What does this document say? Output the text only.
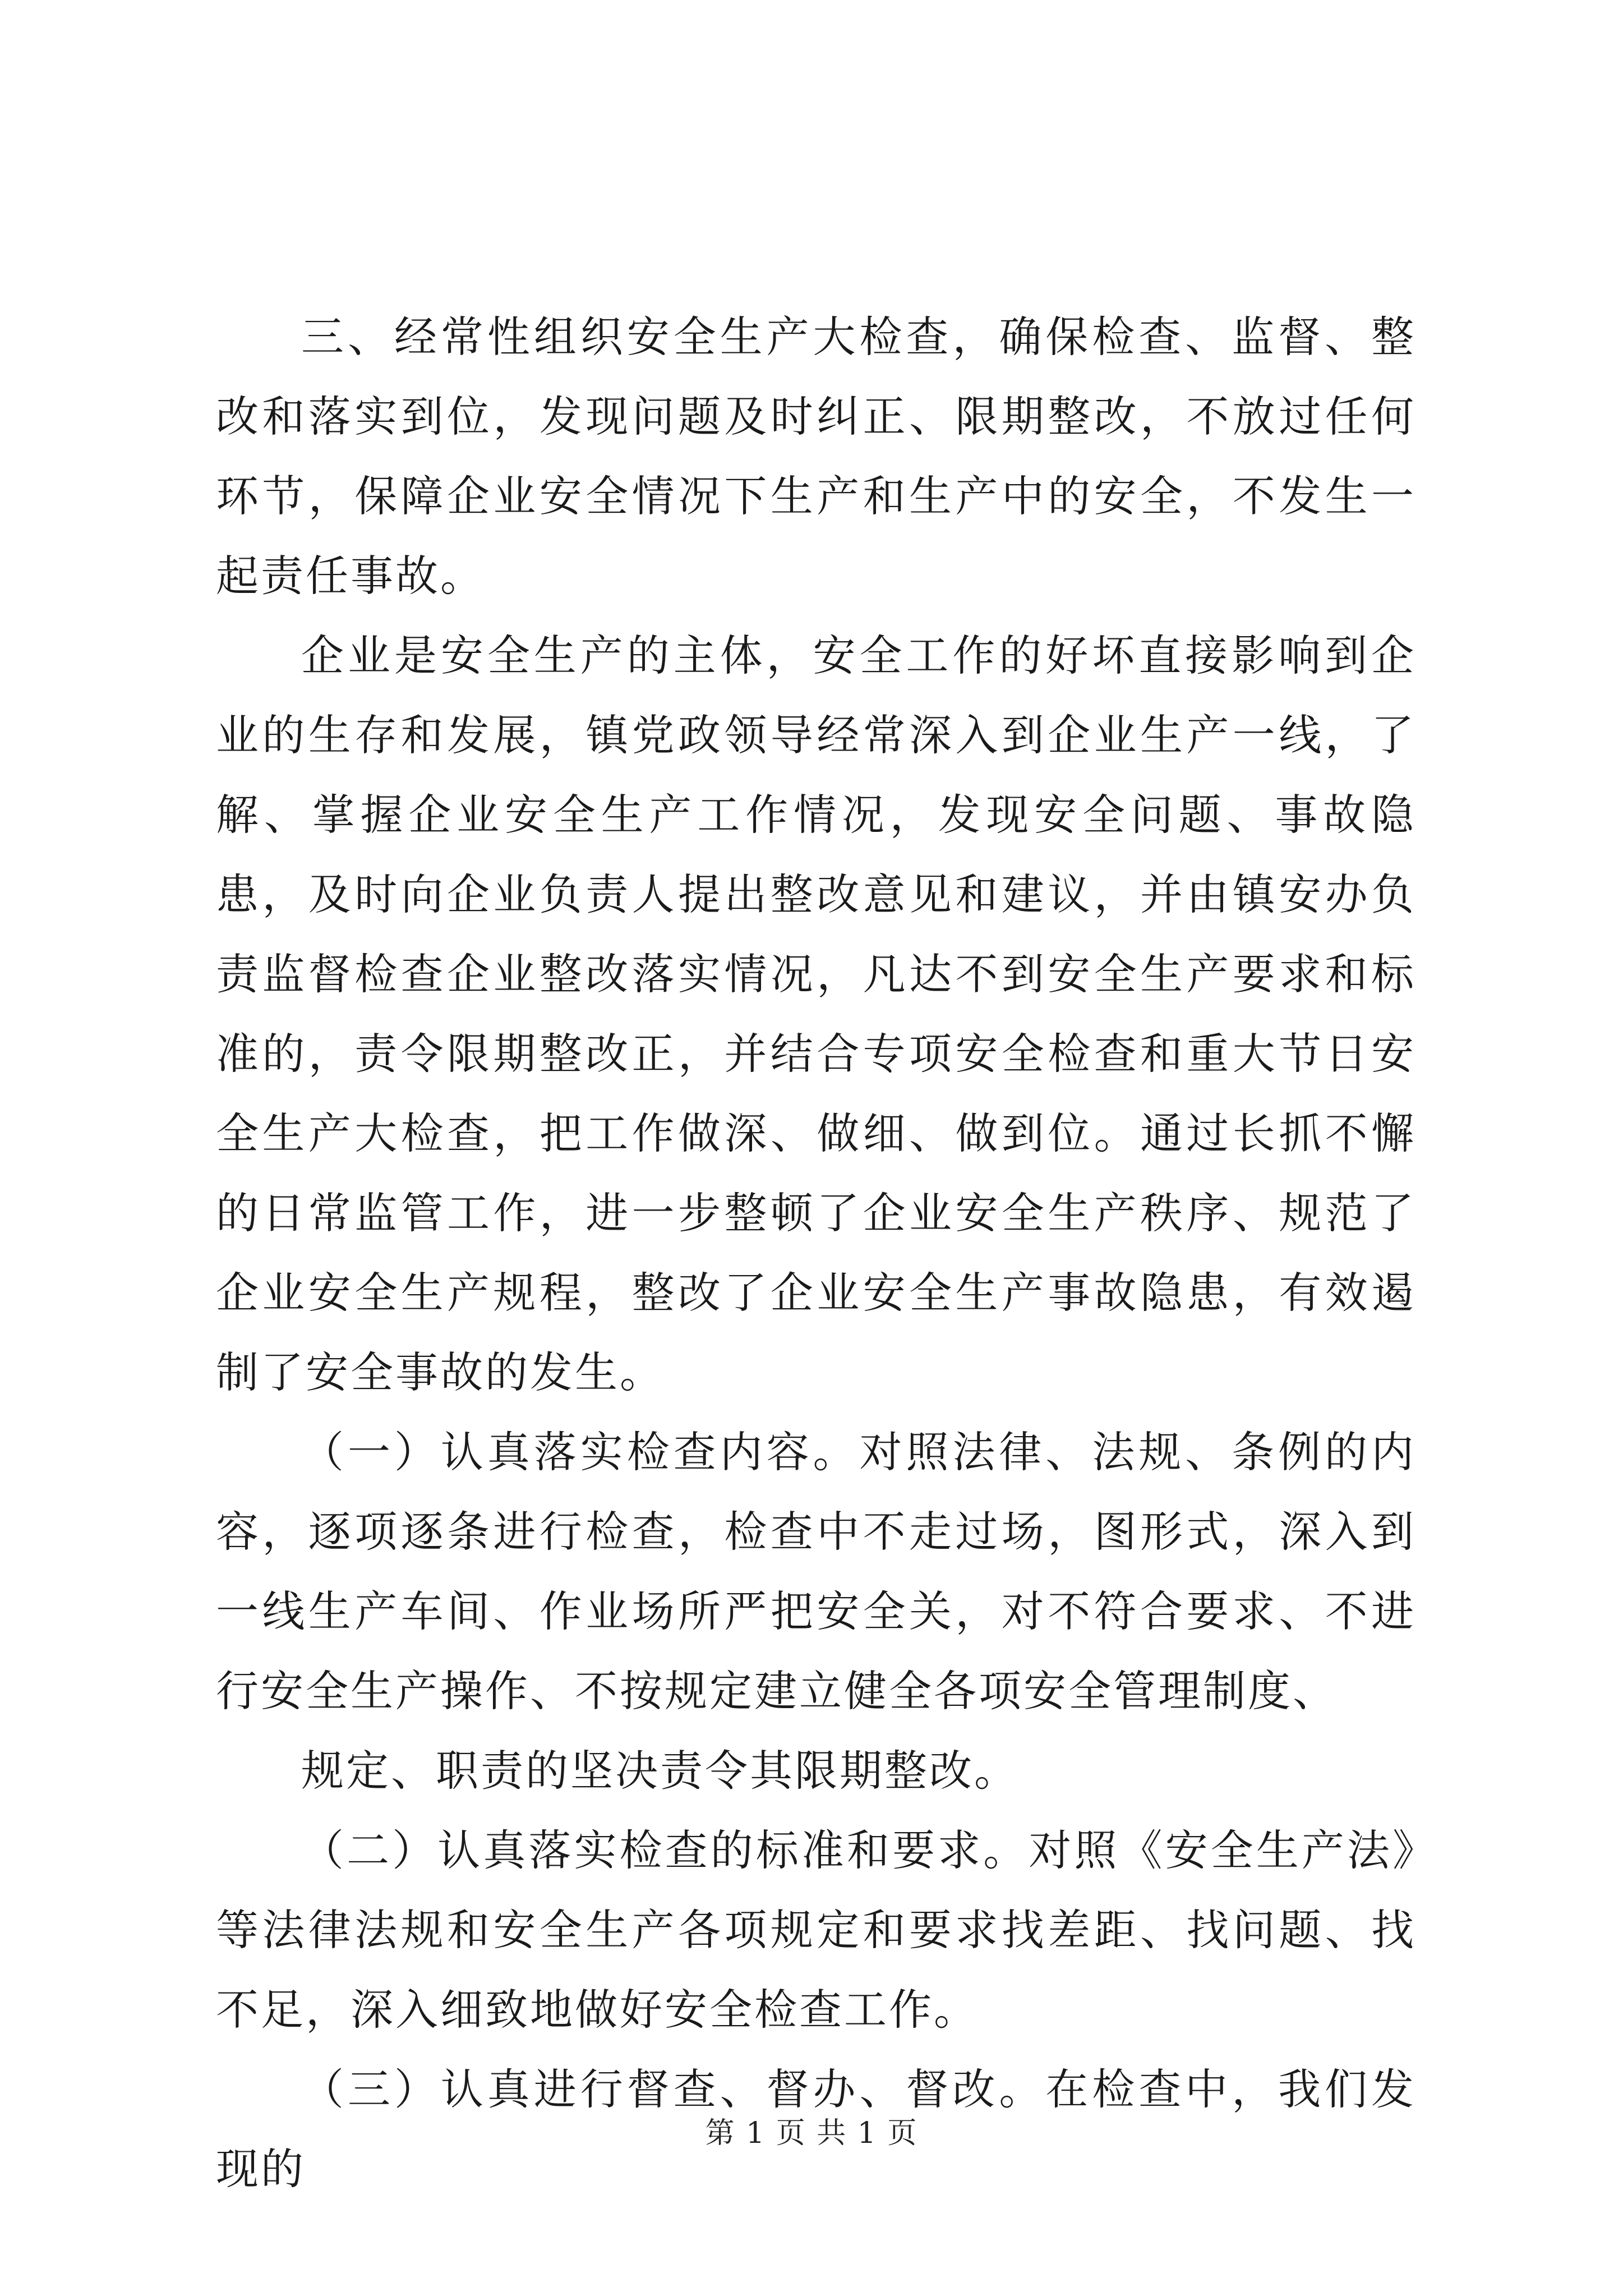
三、经常性组织安全生产大检查，确保检查、监督、整改和落实到位，发现问题及时纠正、限期整改，不放过任何环节，保障企业安全情况下生产和生产中的安全，不发生一起责任事故。

企业是安全生产的主体，安全工作的好坏直接影响到企业的生存和发展，镇党政领导经常深入到企业生产一线，了解、掌握企业安全生产工作情况，发现安全问题、事故隐患，及时向企业负责人提出整改意见和建议，并由镇安办负责监督检查企业整改落实情况，凡达不到安全生产要求和标准的，责令限期整改正，并结合专项安全检查和重大节日安全生产大检查，把工作做深、做细、做到位。通过长抓不懈的日常监管工作，进一步整顿了企业安全生产秩序、规范了企业安全生产规程，整改了企业安全生产事故隐患，有效遏制了安全事故的发生。

（一）认真落实检查内容。对照法律、法规、条例的内容，逐项逐条进行检查，检查中不走过场，图形式，深入到一线生产车间、作业场所严把安全关，对不符合要求、不进行安全生产操作、不按规定建立健全各项安全管理制度、

规定、职责的坚决责令其限期整改。

（二）认真落实检查的标准和要求。对照《安全生产法》等法律法规和安全生产各项规定和要求找差距、找问题、找不足，深入细致地做好安全检查工作。

（三）认真进行督查、督办、督改。在检查中，我们发现的

第 1 页 共 1 页
